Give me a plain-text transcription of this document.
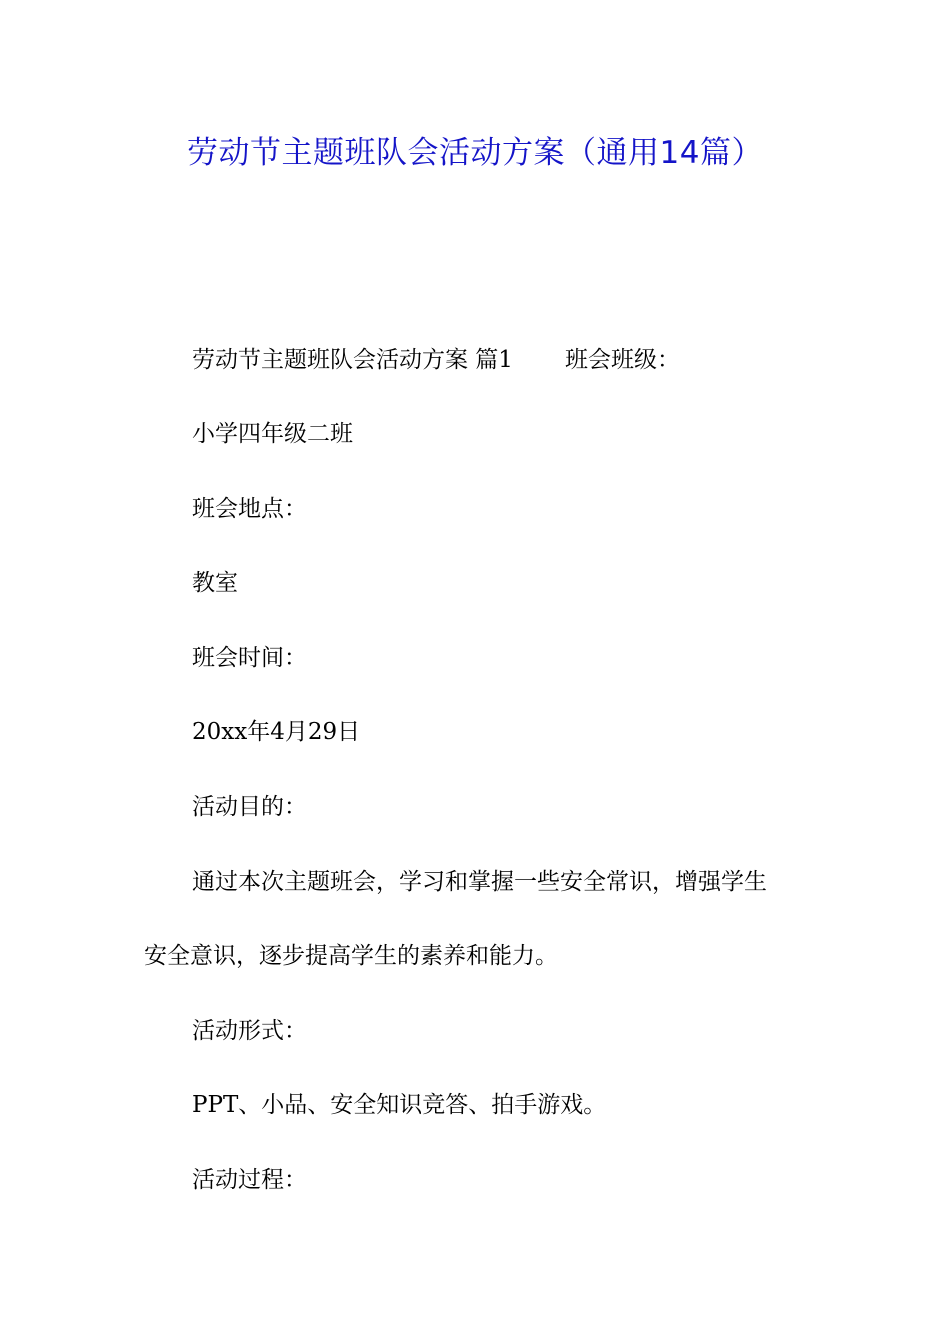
劳动节主题班队会活动方案（通用14篇）
劳动节主题班队会活动方案 篇1 班会班级：
小学四年级二班
班会地点：
教室
班会时间：
20xx年4月29日
活动目的：
通过本次主题班会，学习和掌握一些安全常识，增强学生
安全意识，逐步提高学生的素养和能力。
活动形式：
PPT、小品、安全知识竞答、拍手游戏。
活动过程：
